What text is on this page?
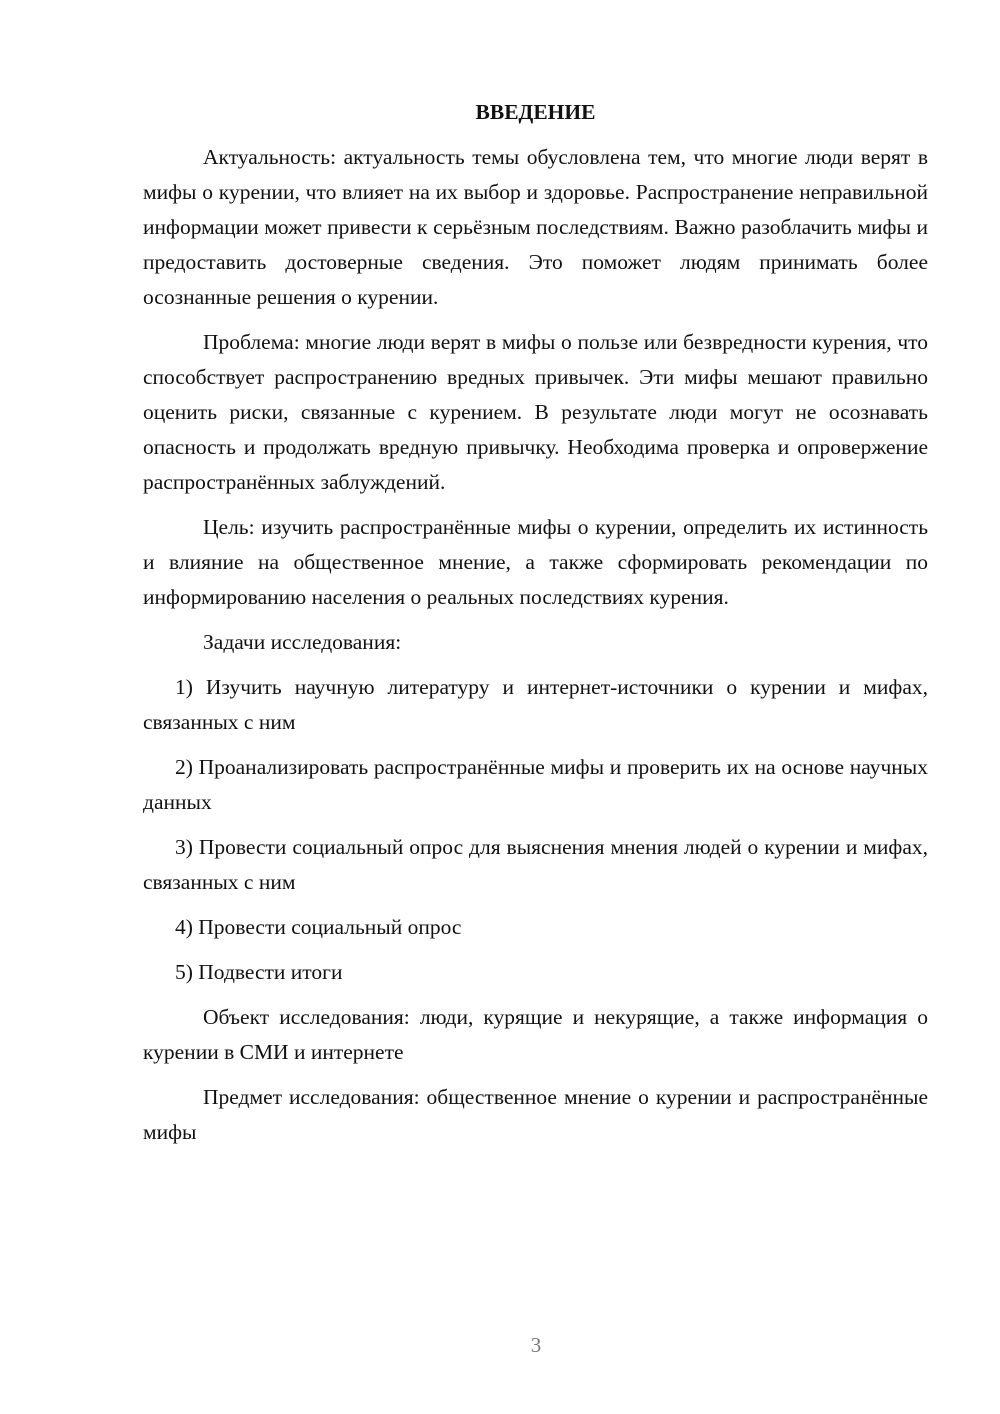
ВВЕДЕНИЕ

Актуальность: актуальность темы обусловлена тем, что многие люди верят в мифы о курении, что влияет на их выбор и здоровье. Распространение неправильной информации может привести к серьёзным последствиям. Важно разоблачить мифы и предоставить достоверные сведения. Это поможет людям принимать более осознанные решения о курении.

Проблема: многие люди верят в мифы о пользе или безвредности курения, что способствует распространению вредных привычек. Эти мифы мешают правильно оценить риски, связанные с курением. В результате люди могут не осознавать опасность и продолжать вредную привычку. Необходима проверка и опровержение распространённых заблуждений.

Цель: изучить распространённые мифы о курении, определить их истинность и влияние на общественное мнение, а также сформировать рекомендации по информированию населения о реальных последствиях курения.

Задачи исследования:

1) Изучить научную литературу и интернет-источники о курении и мифах, связанных с ним

2) Проанализировать распространённые мифы и проверить их на основе научных данных

3) Провести социальный опрос для выяснения мнения людей о курении и мифах, связанных с ним

4) Провести социальный опрос

5) Подвести итоги

Объект исследования: люди, курящие и некурящие, а также информация о курении в СМИ и интернете

Предмет исследования: общественное мнение о курении и распространённые мифы

3
